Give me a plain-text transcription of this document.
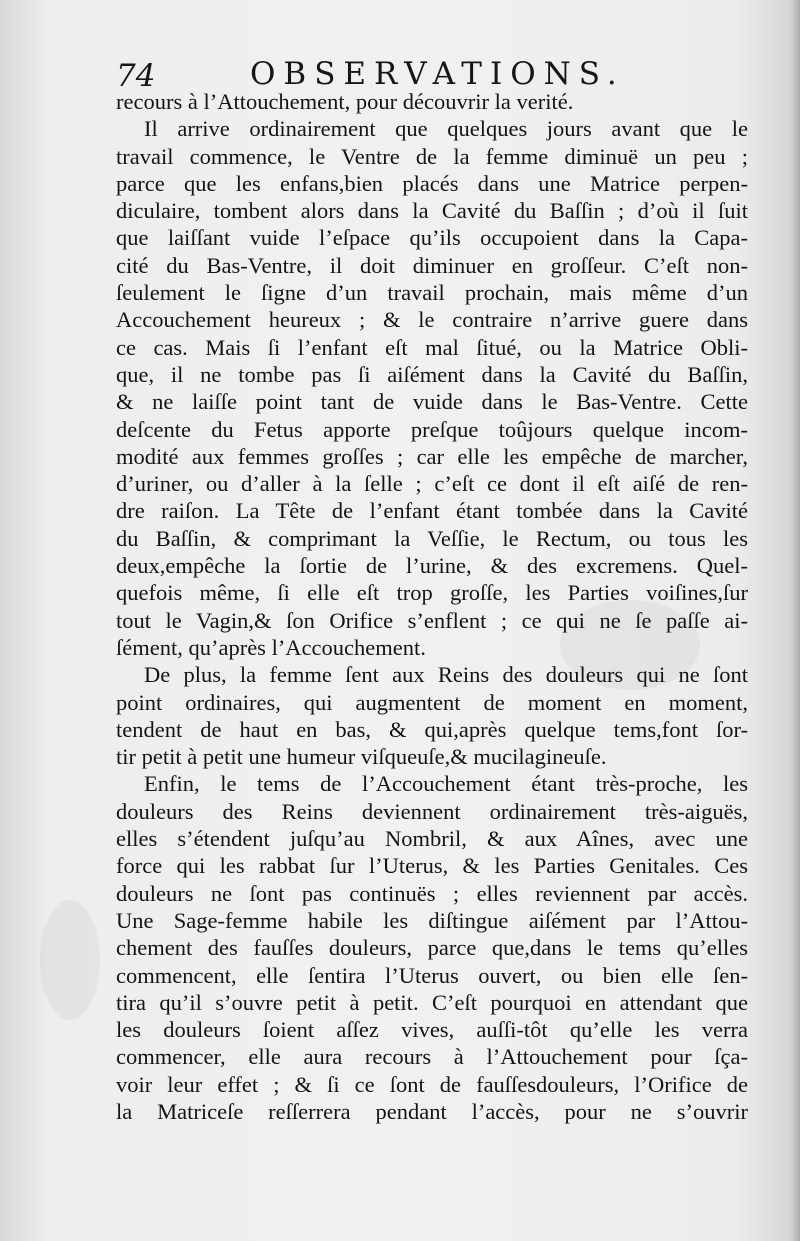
74	OBSERVATIONS.
recours à l’Attouchement, pour découvrir la verité.
Il arrive ordinairement que quelques jours avant que le
travail commence, le Ventre de la femme diminuë un peu ;
parce que les enfans,bien placés dans une Matrice perpen-
diculaire, tombent alors dans la Cavité du Baſſin ; d’où il ſuit
que laiſſant vuide l’eſpace qu’ils occupoient dans la Capa-
cité du Bas-Ventre, il doit diminuer en groſſeur. C’eſt non-
ſeulement le ſigne d’un travail prochain, mais même d’un
Accouchement heureux ; & le contraire n’arrive guere dans
ce cas. Mais ſi l’enfant eſt mal ſitué, ou la Matrice Obli-
que, il ne tombe pas ſi aiſément dans la Cavité du Baſſin,
& ne laiſſe point tant de vuide dans le Bas-Ventre. Cette
deſcente du Fetus apporte preſque toûjours quelque incom-
modité aux femmes groſſes ; car elle les empêche de marcher,
d’uriner, ou d’aller à la ſelle ; c’eſt ce dont il eſt aiſé de ren-
dre raiſon. La Tête de l’enfant étant tombée dans la Cavité
du Baſſin, & comprimant la Veſſie, le Rectum, ou tous les
deux,empêche la ſortie de l’urine, & des excremens. Quel-
quefois même, ſi elle eſt trop groſſe, les Parties voiſines,ſur
tout le Vagin,& ſon Orifice s’enflent ; ce qui ne ſe paſſe ai-
ſément, qu’après l’Accouchement.
De plus, la femme ſent aux Reins des douleurs qui ne ſont
point ordinaires, qui augmentent de moment en moment,
tendent de haut en bas, & qui,après quelque tems,font ſor-
tir petit à petit une humeur viſqueuſe,& mucilagineuſe.
Enfin, le tems de l’Accouchement étant très-proche, les
douleurs des Reins deviennent ordinairement très-aiguës,
elles s’étendent juſqu’au Nombril, & aux Aînes, avec une
force qui les rabbat ſur l’Uterus, & les Parties Genitales. Ces
douleurs ne ſont pas continuës ; elles reviennent par accès.
Une Sage-femme habile les diſtingue aiſément par l’Attou-
chement des fauſſes douleurs, parce que,dans le tems qu’elles
commencent, elle ſentira l’Uterus ouvert, ou bien elle ſen-
tira qu’il s’ouvre petit à petit. C’eſt pourquoi en attendant que
les douleurs ſoient aſſez vives, auſſi-tôt qu’elle les verra
commencer, elle aura recours à l’Attouchement pour ſça-
voir leur effet ; & ſi ce ſont de fauſſesdouleurs, l’Orifice de
la Matriceſe reſſerrera pendant l’accès, pour ne s’ouvrir
